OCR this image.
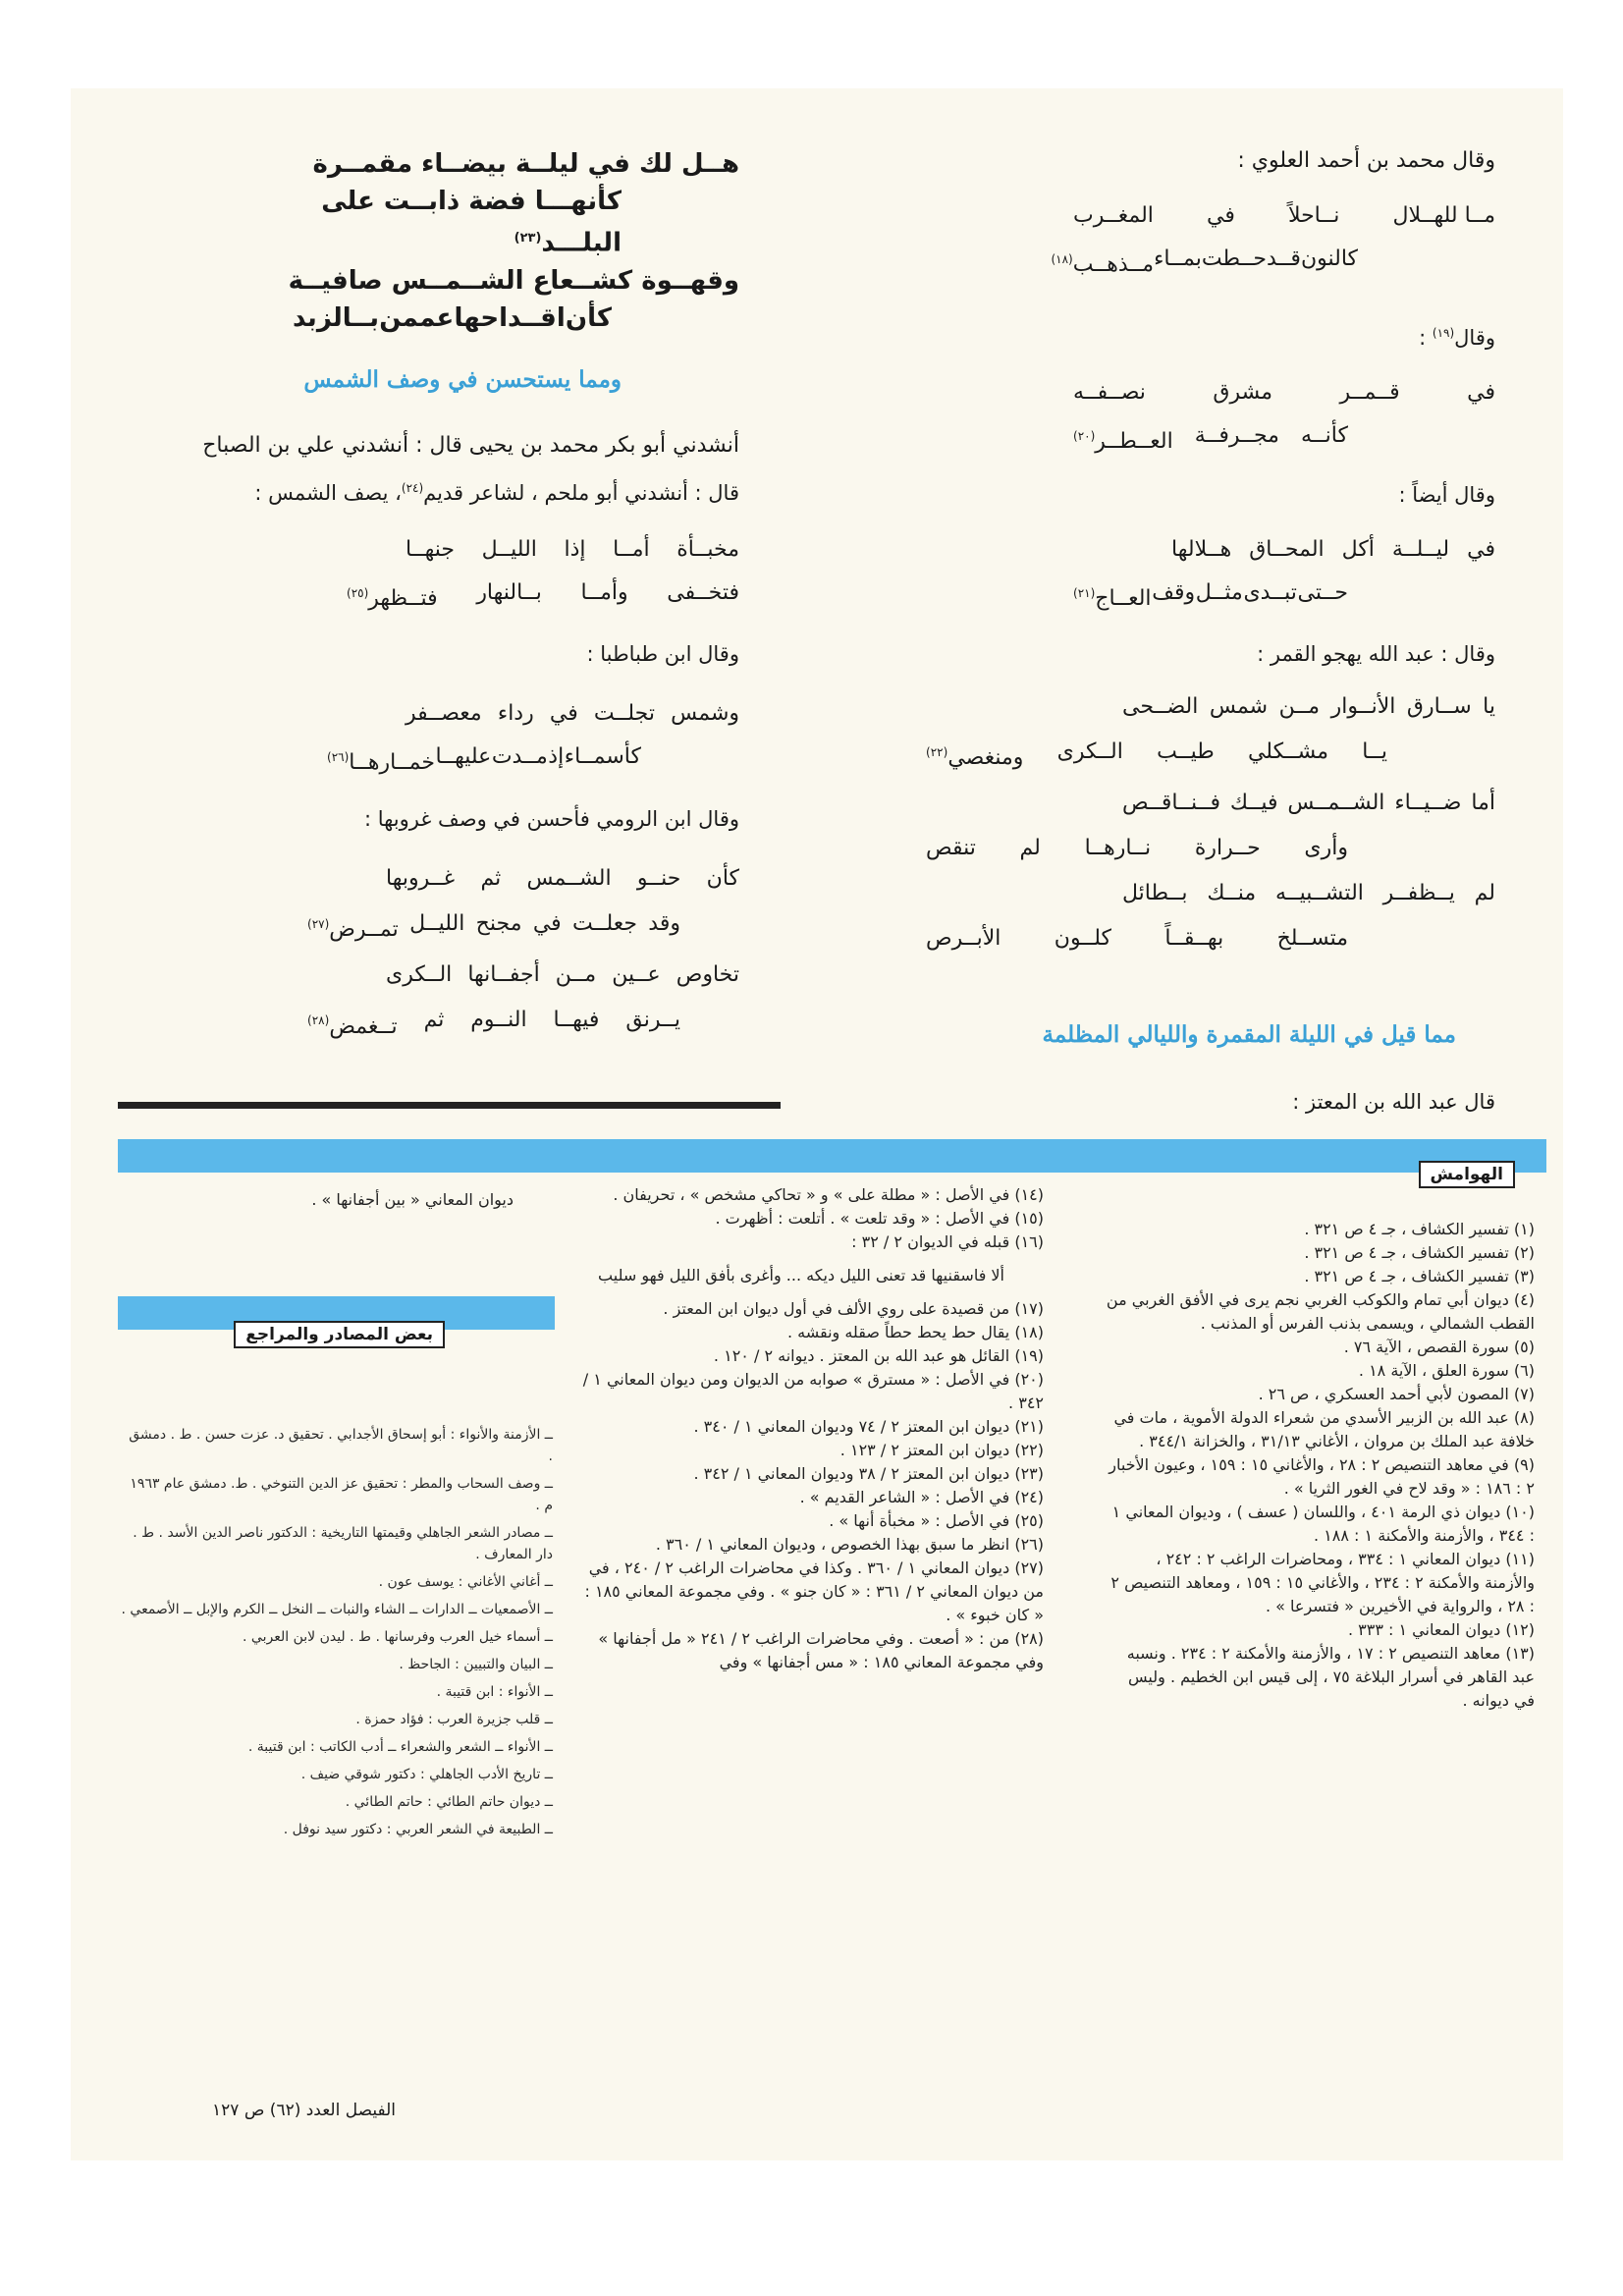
وقال محمد بن أحمد العلوي :
مــا للهــلال
نــاحلاً
في
المغــرب
كالنون
قــد
حــطت
بمــاء
مــذهــب$^{(١٨)}$
وقال$^{(١٩)}$ :
في
قــمــر
مشرق
نصــفــه
كأنــه
مجــرفــة
العــطــر$^{(٢٠)}$
وقال أيضاً :
في
ليــلــة
أكل
المحــاق
هــلالها
حــتى
تبــدى
مثــل
وقف
العــاج$^{(٢١)}$
وقال : عبد الله يهجو القمر :
يا
ســارق
الأنــوار
مــن
شمس
الضــحى
يــا
مشــكلي
طيــب
الــكرى
ومنغصي$^{(٢٢)}$
أما
ضــيــاء
الشــمــس
فيــك
فــنــاقــص
وأرى
حــرارة
نــارهــا
لم
تنقص
لم
يــظفــر
التشــبيــه
منــك
بــطائل
متســلخ
بهــقــاً
كلــون
الأبــرص
مما قيل في الليلة المقمرة والليالي المظلمة
قال عبد الله بن المعتز :
هــل لك في ليلــة بيضــاء مقمــرة
كأنهـــا فضة ذابــت على البلـــد$^{(٢٣)}$
وقهــوة كشــعاع الشــمــس صافيــة
كأن
اقــداحها
عممن
بــالزبد
ومما يستحسن في وصف الشمس
أنشدني أبو بكر محمد بن يحيى قال : أنشدني علي بن الصباح
قال : أنشدني أبو ملحم ، لشاعر قديم$^{(٢٤)}$، يصف الشمس :
مخبــأة
أمــا
إذا
الليــل
جنهــا
فتخــفى
وأمــا
بــالنهار
فتــظهر$^{(٢٥)}$
وقال ابن طباطبا :
وشمس
تجلــت
في
رداء
معصــفر
كأسمــاء
إذ
مــدت
عليهــا
خمــارهــا$^{(٢٦)}$
وقال ابن الرومي فأحسن في وصف غروبها :
كأن
حنــو
الشــمس
ثم
غــروبها
وقد
جعلــت
في
مجنح
الليــل
تمــرض$^{(٢٧)}$
تخاوص
عــين
مــن
أجفــانها
الــكرى
يــرنق
فيهــا
النــوم
ثم
تــغمض$^{(٢٨)}$
الهوامش

(١) تفسير الكشاف ، جـ ٤ ص ٣٢١ .

(٢) تفسير الكشاف ، جـ ٤ ص ٣٢١ .

(٣) تفسير الكشاف ، جـ ٤ ص ٣٢١ .

(٤) ديوان أبي تمام والكوكب الغربي نجم يرى في الأفق الغربي من القطب الشمالي ، ويسمى بذنب الفرس أو المذنب .

(٥) سورة القصص ، الآية ٧٦ .

(٦) سورة العلق ، الآية ١٨ .

(٧) المصون لأبي أحمد العسكري ، ص ٢٦ .

(٨) عبد الله بن الزبير الأسدي من شعراء الدولة الأموية ، مات في خلافة عبد الملك بن مروان ، الأغاني ٣١/١٣ ، والخزانة ٣٤٤/١ .

(٩) في معاهد التنصيص ٢ : ٢٨ ، والأغاني ١٥ : ١٥٩ ، وعيون الأخبار ٢ : ١٨٦ : « وقد لاح في الغور الثريا » .

(١٠) ديوان ذي الرمة ٤٠١ ، واللسان ( عسف ) ، وديوان المعاني ١ : ٣٤٤ ، والأزمنة والأمكنة ١ : ١٨٨ .

(١١) ديوان المعاني ١ : ٣٣٤ ، ومحاضرات الراغب ٢ : ٢٤٢ ، والأزمنة والأمكنة ٢ : ٢٣٤ ، والأغاني ١٥ : ١٥٩ ، ومعاهد التنصيص ٢ : ٢٨ ، والرواية في الأخيرين « فتسرعا » .

(١٢) ديوان المعاني ١ : ٣٣٣ .

(١٣) معاهد التنصيص ٢ : ١٧ ، والأزمنة والأمكنة ٢ : ٢٣٤ . ونسبه عبد القاهر في أسرار البلاغة ٧٥ ، إلى قيس ابن الخطيم . وليس في ديوانه .

(١٤) في الأصل : « مطلة على » و « تحاكي مشخص » ، تحريفان .

(١٥) في الأصل : « وقد تلعت » . أتلعت : أظهرت .

(١٦) قبله في الديوان ٢ / ٣٢ :

ألا فاسقنيها قد تعنى الليل ديكه ... وأغرى بأفق الليل فهو سليب

(١٧) من قصيدة على روي الألف في أول ديوان ابن المعتز .

(١٨) يقال حط يحط حطاً صقله ونقشه .

(١٩) القائل هو عبد الله بن المعتز . ديوانه ٢ / ١٢٠ .

(٢٠) في الأصل : « مسترق » صوابه من الديوان ومن ديوان المعاني ١ / ٣٤٢ .

(٢١) ديوان ابن المعتز ٢ / ٧٤ وديوان المعاني ١ / ٣٤٠ .

(٢٢) ديوان ابن المعتز ٢ / ١٢٣ .

(٢٣) ديوان ابن المعتز ٢ / ٣٨ وديوان المعاني ١ / ٣٤٢ .

(٢٤) في الأصل : « الشاعر القديم » .

(٢٥) في الأصل : « مخبأة أنها » .

(٢٦) انظر ما سبق بهذا الخصوص ، وديوان المعاني ١ / ٣٦٠ .

(٢٧) ديوان المعاني ١ / ٣٦٠ . وكذا في محاضرات الراغب ٢ / ٢٤٠ ، في من ديوان المعاني ٢ / ٣٦١ : « كان جنو » . وفي مجموعة المعاني ١٨٥ : « كان خبوء » .

(٢٨) من : « أصعت . وفي محاضرات الراغب ٢ / ٢٤١ « مل أجفانها » وفي مجموعة المعاني ١٨٥ : « مس أجفانها » وفي

ديوان المعاني « بين أجفانها » .

بعض المصادر والمراجع

ــ الأزمنة والأنواء : أبو إسحاق الأجدابي . تحقيق د. عزت حسن . ط . دمشق .

ــ وصف السحاب والمطر : تحقيق عز الدين التنوخي . ط. دمشق عام ١٩٦٣ م .

ــ مصادر الشعر الجاهلي وقيمتها التاريخية : الدكتور ناصر الدين الأسد . ط . دار المعارف .

ــ أغاني الأغاني : يوسف عون .

ــ الأصمعيات ــ الدارات ــ الشاء والنبات ــ النخل ــ الكرم والإبل ــ الأصمعي .

ــ أسماء خيل العرب وفرسانها . ط . ليدن لابن العربي .

ــ البيان والتبيين : الجاحظ .

ــ الأنواء : ابن قتيبة .

ــ قلب جزيرة العرب : فؤاد حمزة .

ــ الأنواء ــ الشعر والشعراء ــ أدب الكاتب : ابن قتيبة .

ــ تاريخ الأدب الجاهلي : دكتور شوقي ضيف .

ــ ديوان حاتم الطائي : حاتم الطائي .

ــ الطبيعة في الشعر العربي : دكتور سيد نوفل .

الفيصل العدد (٦٢) ص ١٢٧
